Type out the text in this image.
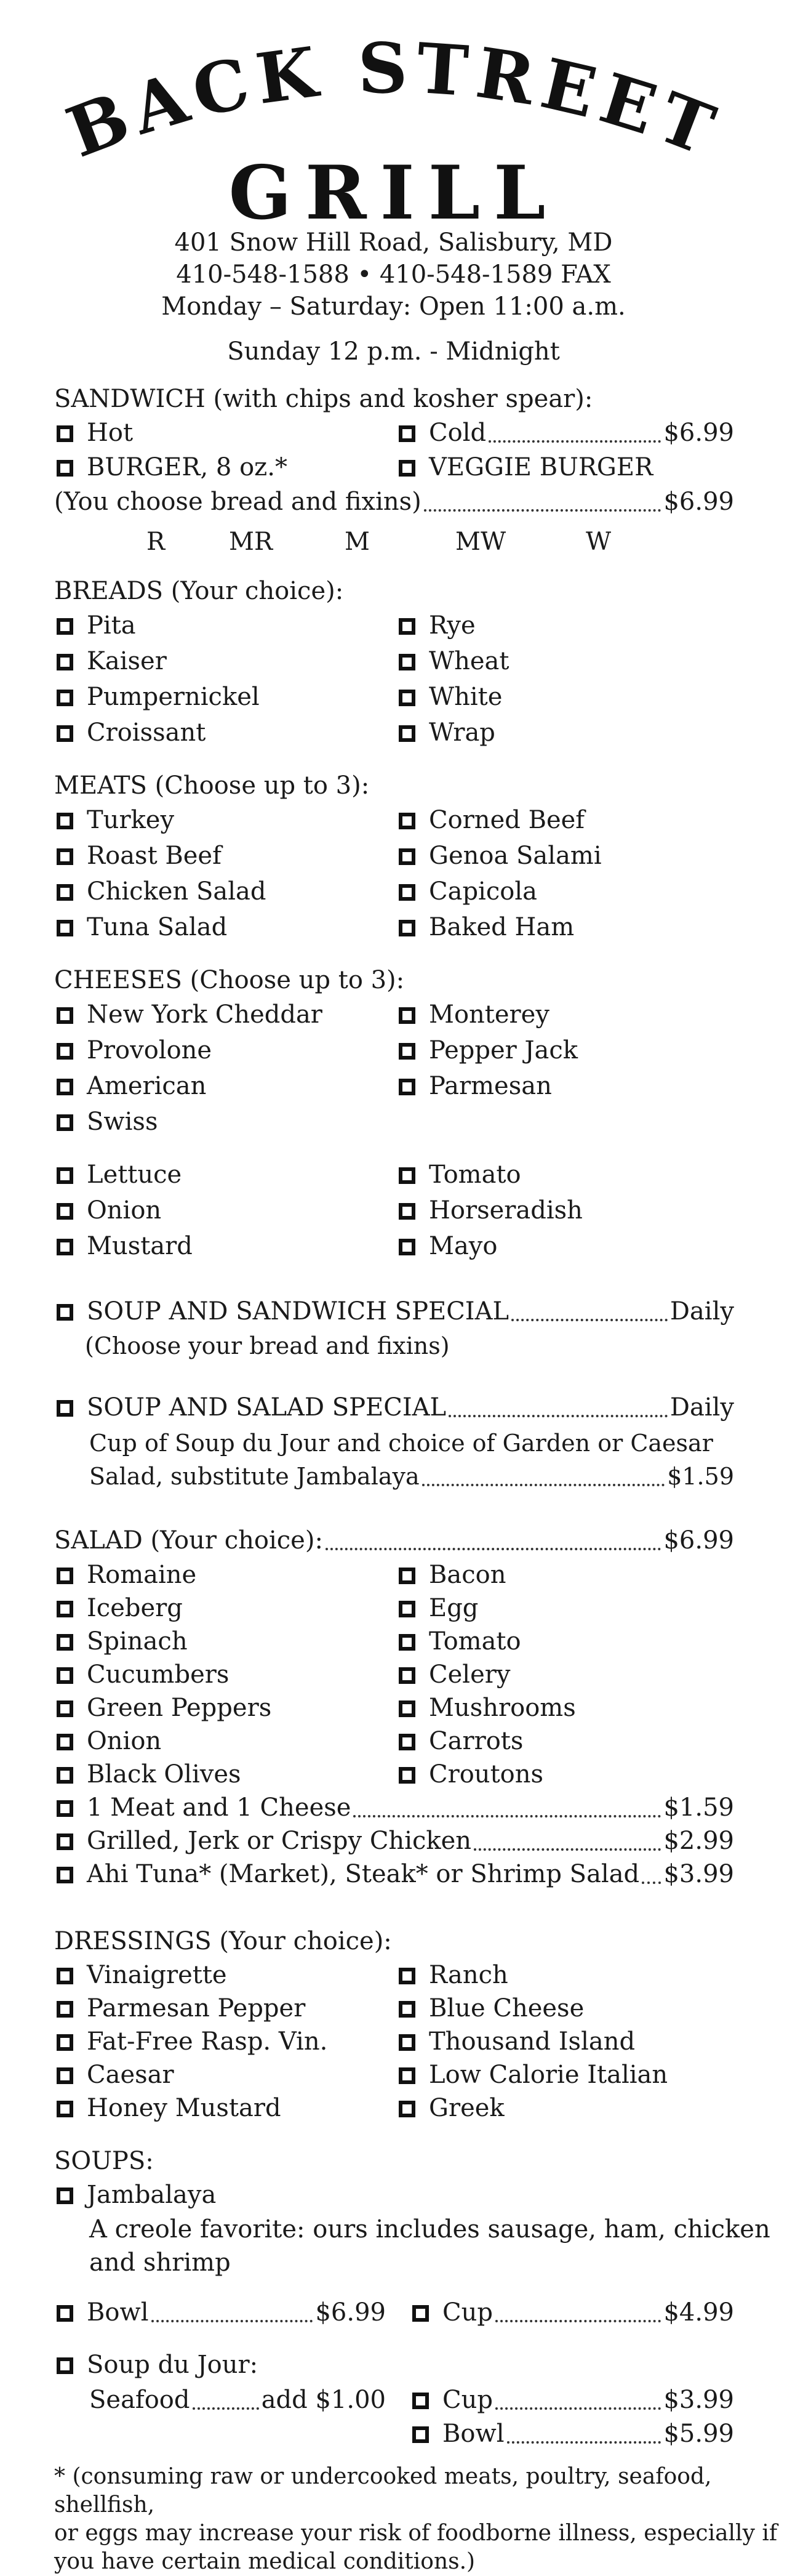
BACK STREET
GRILL
401 Snow Hill Road, Salisbury, MD
410-548-1588 • 410-548-1589 FAX
Monday – Saturday: Open 11:00 a.m.
Sunday 12 p.m. - Midnight
SANDWICH (with chips and kosher spear):
Hot	Cold	$6.99
BURGER, 8 oz.*	VEGGIE BURGER
(You choose bread and fixins)	$6.99
R	MR	M	MW	W
BREADS (Your choice):
Pita
Kaiser
Pumpernickel
Croissant
Rye
Wheat
White
Wrap
MEATS (Choose up to 3):
Turkey
Roast Beef
Chicken Salad
Tuna Salad
Corned Beef
Genoa Salami
Capicola
Baked Ham
CHEESES (Choose up to 3):
New York Cheddar
Provolone
American
Swiss
Monterey
Pepper Jack
Parmesan
Lettuce
Onion
Mustard
Tomato
Horseradish
Mayo
SOUP AND SANDWICH SPECIAL	Daily
(Choose your bread and fixins)
SOUP AND SALAD SPECIAL	Daily
Cup of Soup du Jour and choice of Garden or Caesar
Salad, substitute Jambalaya	$1.59
SALAD (Your choice):	$6.99
Romaine
Iceberg
Spinach
Cucumbers
Green Peppers
Onion
Black Olives
Bacon
Egg
Tomato
Celery
Mushrooms
Carrots
Croutons
1 Meat and 1 Cheese	$1.59
Grilled, Jerk or Crispy Chicken	$2.99
Ahi Tuna* (Market), Steak* or Shrimp Salad $3.99
DRESSINGS (Your choice):
Vinaigrette
Parmesan Pepper
Fat-Free Rasp. Vin.
Caesar
Honey Mustard
Ranch
Blue Cheese
Thousand Island
Low Calorie Italian
Greek
SOUPS:
Jambalaya
A creole favorite: ours includes sausage, ham, chicken
and shrimp
Bowl	$6.99	Cup	$4.99
Soup du Jour:
Seafood	add $1.00	Cup	$3.99
Bowl	$5.99
* (consuming raw or undercooked meats, poultry, seafood, shellfish,
or eggs may increase your risk of foodborne illness, especially if
you have certain medical conditions.)
